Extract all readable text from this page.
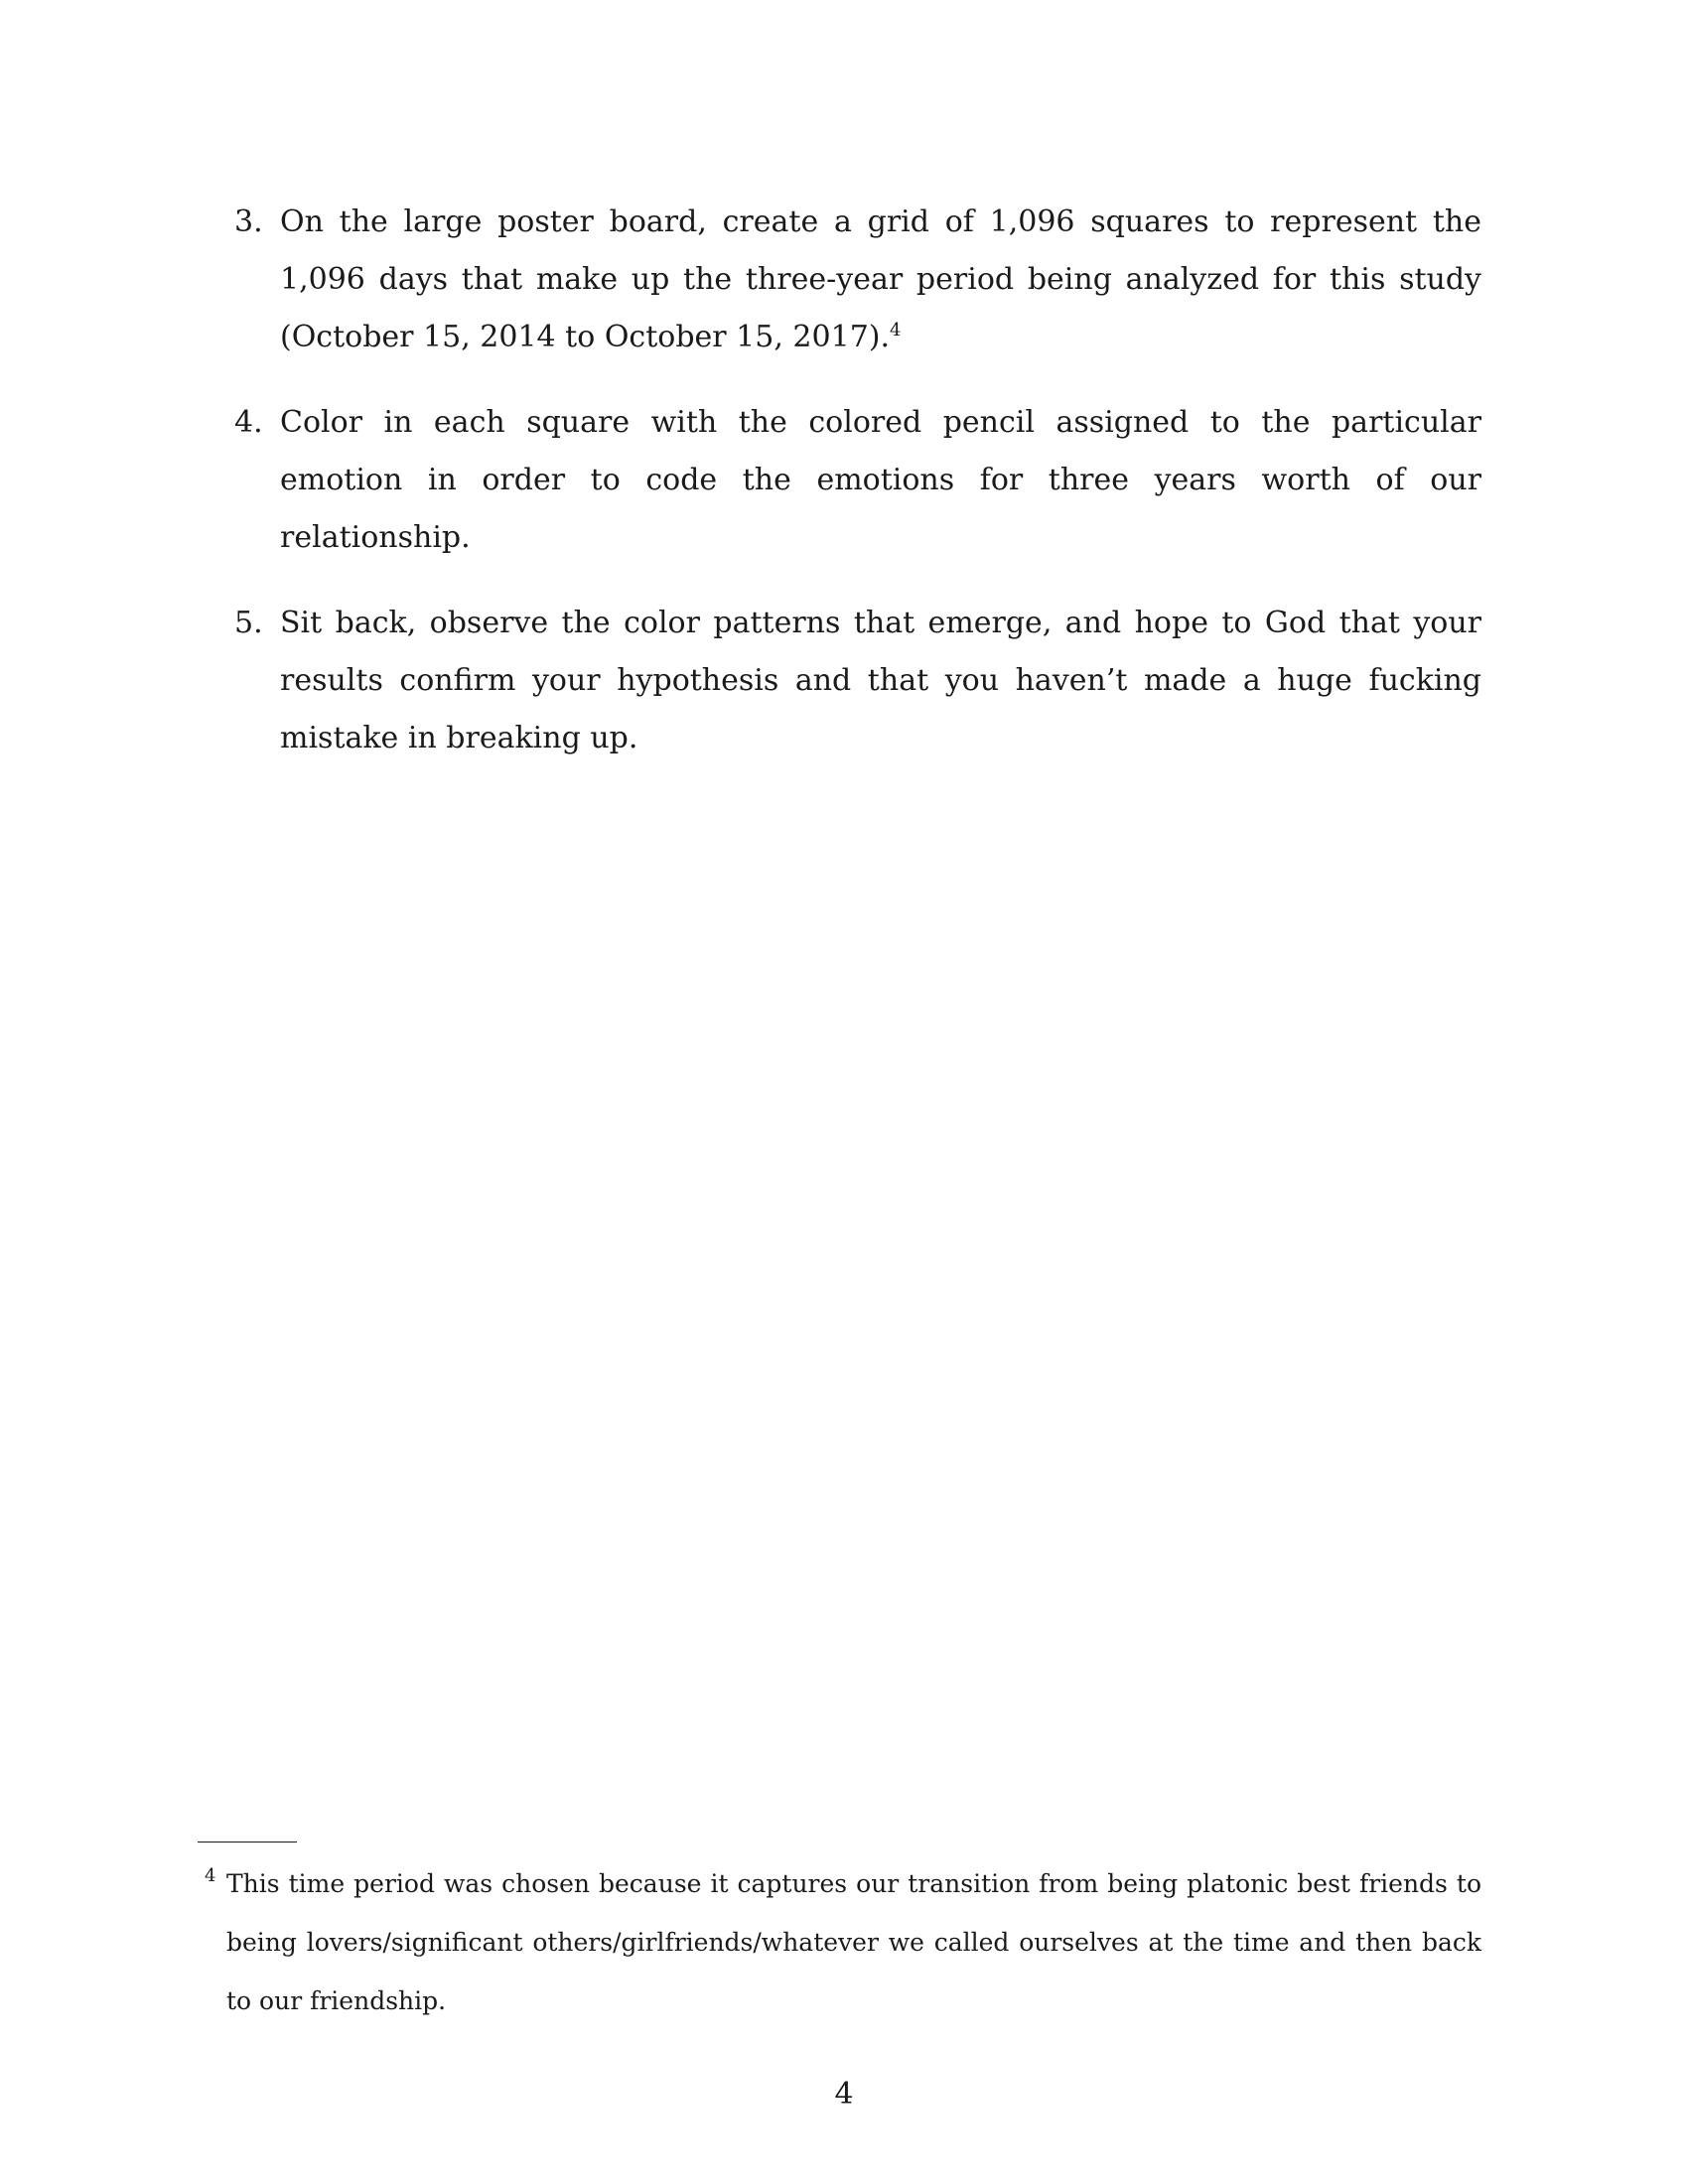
3. On the large poster board, create a grid of 1,096 squares to represent the 1,096 days that make up the three-year period being analyzed for this study (October 15, 2014 to October 15, 2017).$^4$
4. Color in each square with the colored pencil assigned to the particular emotion in order to code the emotions for three years worth of our relationship.
5. Sit back, observe the color patterns that emerge, and hope to God that your results confirm your hypothesis and that you haven’t made a huge fucking mistake in breaking up.
4 This time period was chosen because it captures our transition from being platonic best friends to being lovers/significant others/girlfriends/whatever we called ourselves at the time and then back to our friendship.
4
